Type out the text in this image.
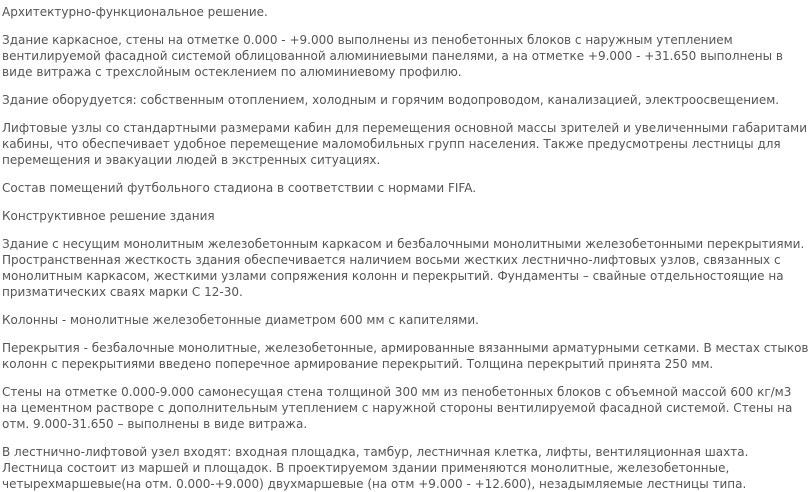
Архитектурно-функциональное решение.
Здание каркасное, стены на отметке 0.000 - +9.000 выполнены из пенобетонных блоков с наружным утеплением
вентилируемой фасадной системой облицованной алюминиевыми панелями, а на отметке +9.000 - +31.650 выполнены в
виде витража с трехслойным остеклением по алюминиевому профилю.
Здание оборудуется: собственным отоплением, холодным и горячим водопроводом, канализацией, электроосвещением.
Лифтовые узлы со стандартными размерами кабин для перемещения основной массы зрителей и увеличенными габаритами
кабины, что обеспечивает удобное перемещение маломобильных групп населения. Также предусмотрены лестницы для
перемещения и эвакуации людей в экстренных ситуациях.
Состав помещений футбольного стадиона в соответствии с нормами FIFA.
Конструктивное решение здания
Здание с несущим монолитным железобетонным каркасом и безбалочными монолитными железобетонными перекрытиями.
Пространственная жесткость здания обеспечивается наличием восьми жестких лестнично-лифтовых узлов, связанных с
монолитным каркасом, жесткими узлами сопряжения колонн и перекрытий. Фундаменты – свайные отдельностоящие на
призматических сваях марки С 12-30.
Колонны - монолитные железобетонные диаметром 600 мм с капителями.
Перекрытия - безбалочные монолитные, железобетонные, армированные вязанными арматурными сетками. В местах стыков
колонн с перекрытиями введено поперечное армирование перекрытий. Толщина перекрытий принята 250 мм.
Стены на отметке 0.000-9.000 самонесущая стена толщиной 300 мм из пенобетонных блоков с объемной массой 600 кг/м3
на цементном растворе с дополнительным утеплением с наружной стороны вентилируемой фасадной системой. Стены на
отм. 9.000-31.650 – выполнены в виде витража.
В лестнично-лифтовой узел входят: входная площадка, тамбур, лестничная клетка, лифты, вентиляционная шахта.
Лестница состоит из маршей и площадок. В проектируемом здании применяются монолитные, железобетонные,
четырехмаршевые(на отм. 0.000-+9.000) двухмаршевые (на отм +9.000 - +12.600), незадымляемые лестницы типа.
